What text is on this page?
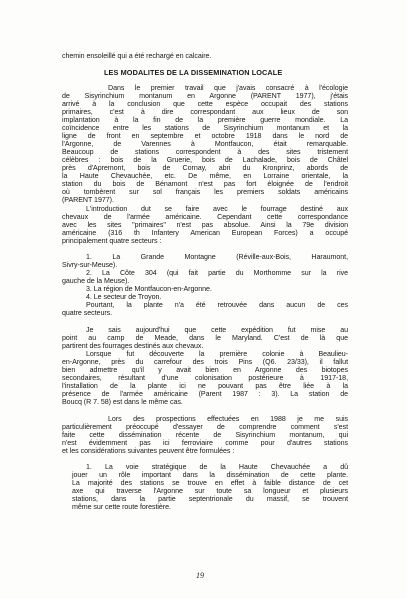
chemin ensoleillé qui a été rechargé en calcaire.
LES MODALITES DE LA DISSEMINATION LOCALE
Dans le premier travail que j'avais consacré à l'écologie
de Sisyrinchium montanum en Argonne (PARENT 1977), j'étais
arrivé à la conclusion que cette espèce occupait des stations
primaires, c'est à dire correspondant aux lieux de son
implantation à la fin de la première guerre mondiale. La
coïncidence entre les stations de Sisyrinchium montanum et la
ligne de front en septembre et octobre 1918 dans le nord de
l'Argonne, de Varennes à Montfaucon, était remarquable.
Beaucoup de stations correspondent à des sites tristement
célèbres : bois de la Gruerie, bois de Lachalade, bois de Châtel
près d'Apremont, bois de Cornay, abri du Kronprinz, abords de
la Haute Chevauchée, etc. De même, en Lorraine orientale, la
station du bois de Bénamont n'est pas fort éloignée de l'endroit
où tombèrent sur sol français les premiers soldats américains
(PARENT 1977).
L'introduction dut se faire avec le fourrage destiné aux
chevaux de l'armée américaine. Cependant cette correspondance
avec les sites "primaires" n'est pas absolue. Ainsi la 79e division
américaine (316 th Infantery American European Forces) a occupé
principalement quatre secteurs :
1. La Grande Montagne (Réville-aux-Bois, Haraumont,
Sivry-sur-Meuse).
2. La Côte 304 (qui fait partie du Morthomme sur la rive
gauche de la Meuse).
3. La région de Montfaucon-en-Argonne.
4. Le secteur de Troyon.
Pourtant, la plante n'a été retrouvée dans aucun de ces
quatre secteurs.
Je sais aujourd'hui que cette expédition fut mise au
point au camp de Meade, dans le Maryland. C'est de là que
partirent des fourrages destinés aux chevaux.
Lorsque fut découverte la première colonie à Beaulieu-
en-Argonne, près du carrefour des trois Pins (Q6. 23/33), il fallut
bien admettre qu'il y avait bien en Argonne des biotopes
secondaires, résultant d'une colonisation postérieure à 1917-18,
l'installation de la plante ici ne pouvant pas être liée à la
présence de l'armée américaine (Parent 1987 : 3). La station de
Boucq (R 7. 58) est dans le même cas.
Lors des prospections effectuées en 1988 je me suis
particulièrement préoccupé d'essayer de comprendre comment s'est
faite cette dissémination récente de Sisyrinchium montanum, qui
n'est évidemment pas ici ferroviaire comme pour d'autres stations
et les considérations suivantes peuvent être formulées :
1. La voie stratégique de la Haute Chevauchée a dû
jouer un rôle important dans la dissémination de cette plante.
La majorité des stations se trouve en effet à faible distance de cet
axe qui traverse l'Argonne sur toute sa longueur et plusieurs
stations, dans la partie septentrionale du massif, se trouvent
même sur cette route forestière.
19
